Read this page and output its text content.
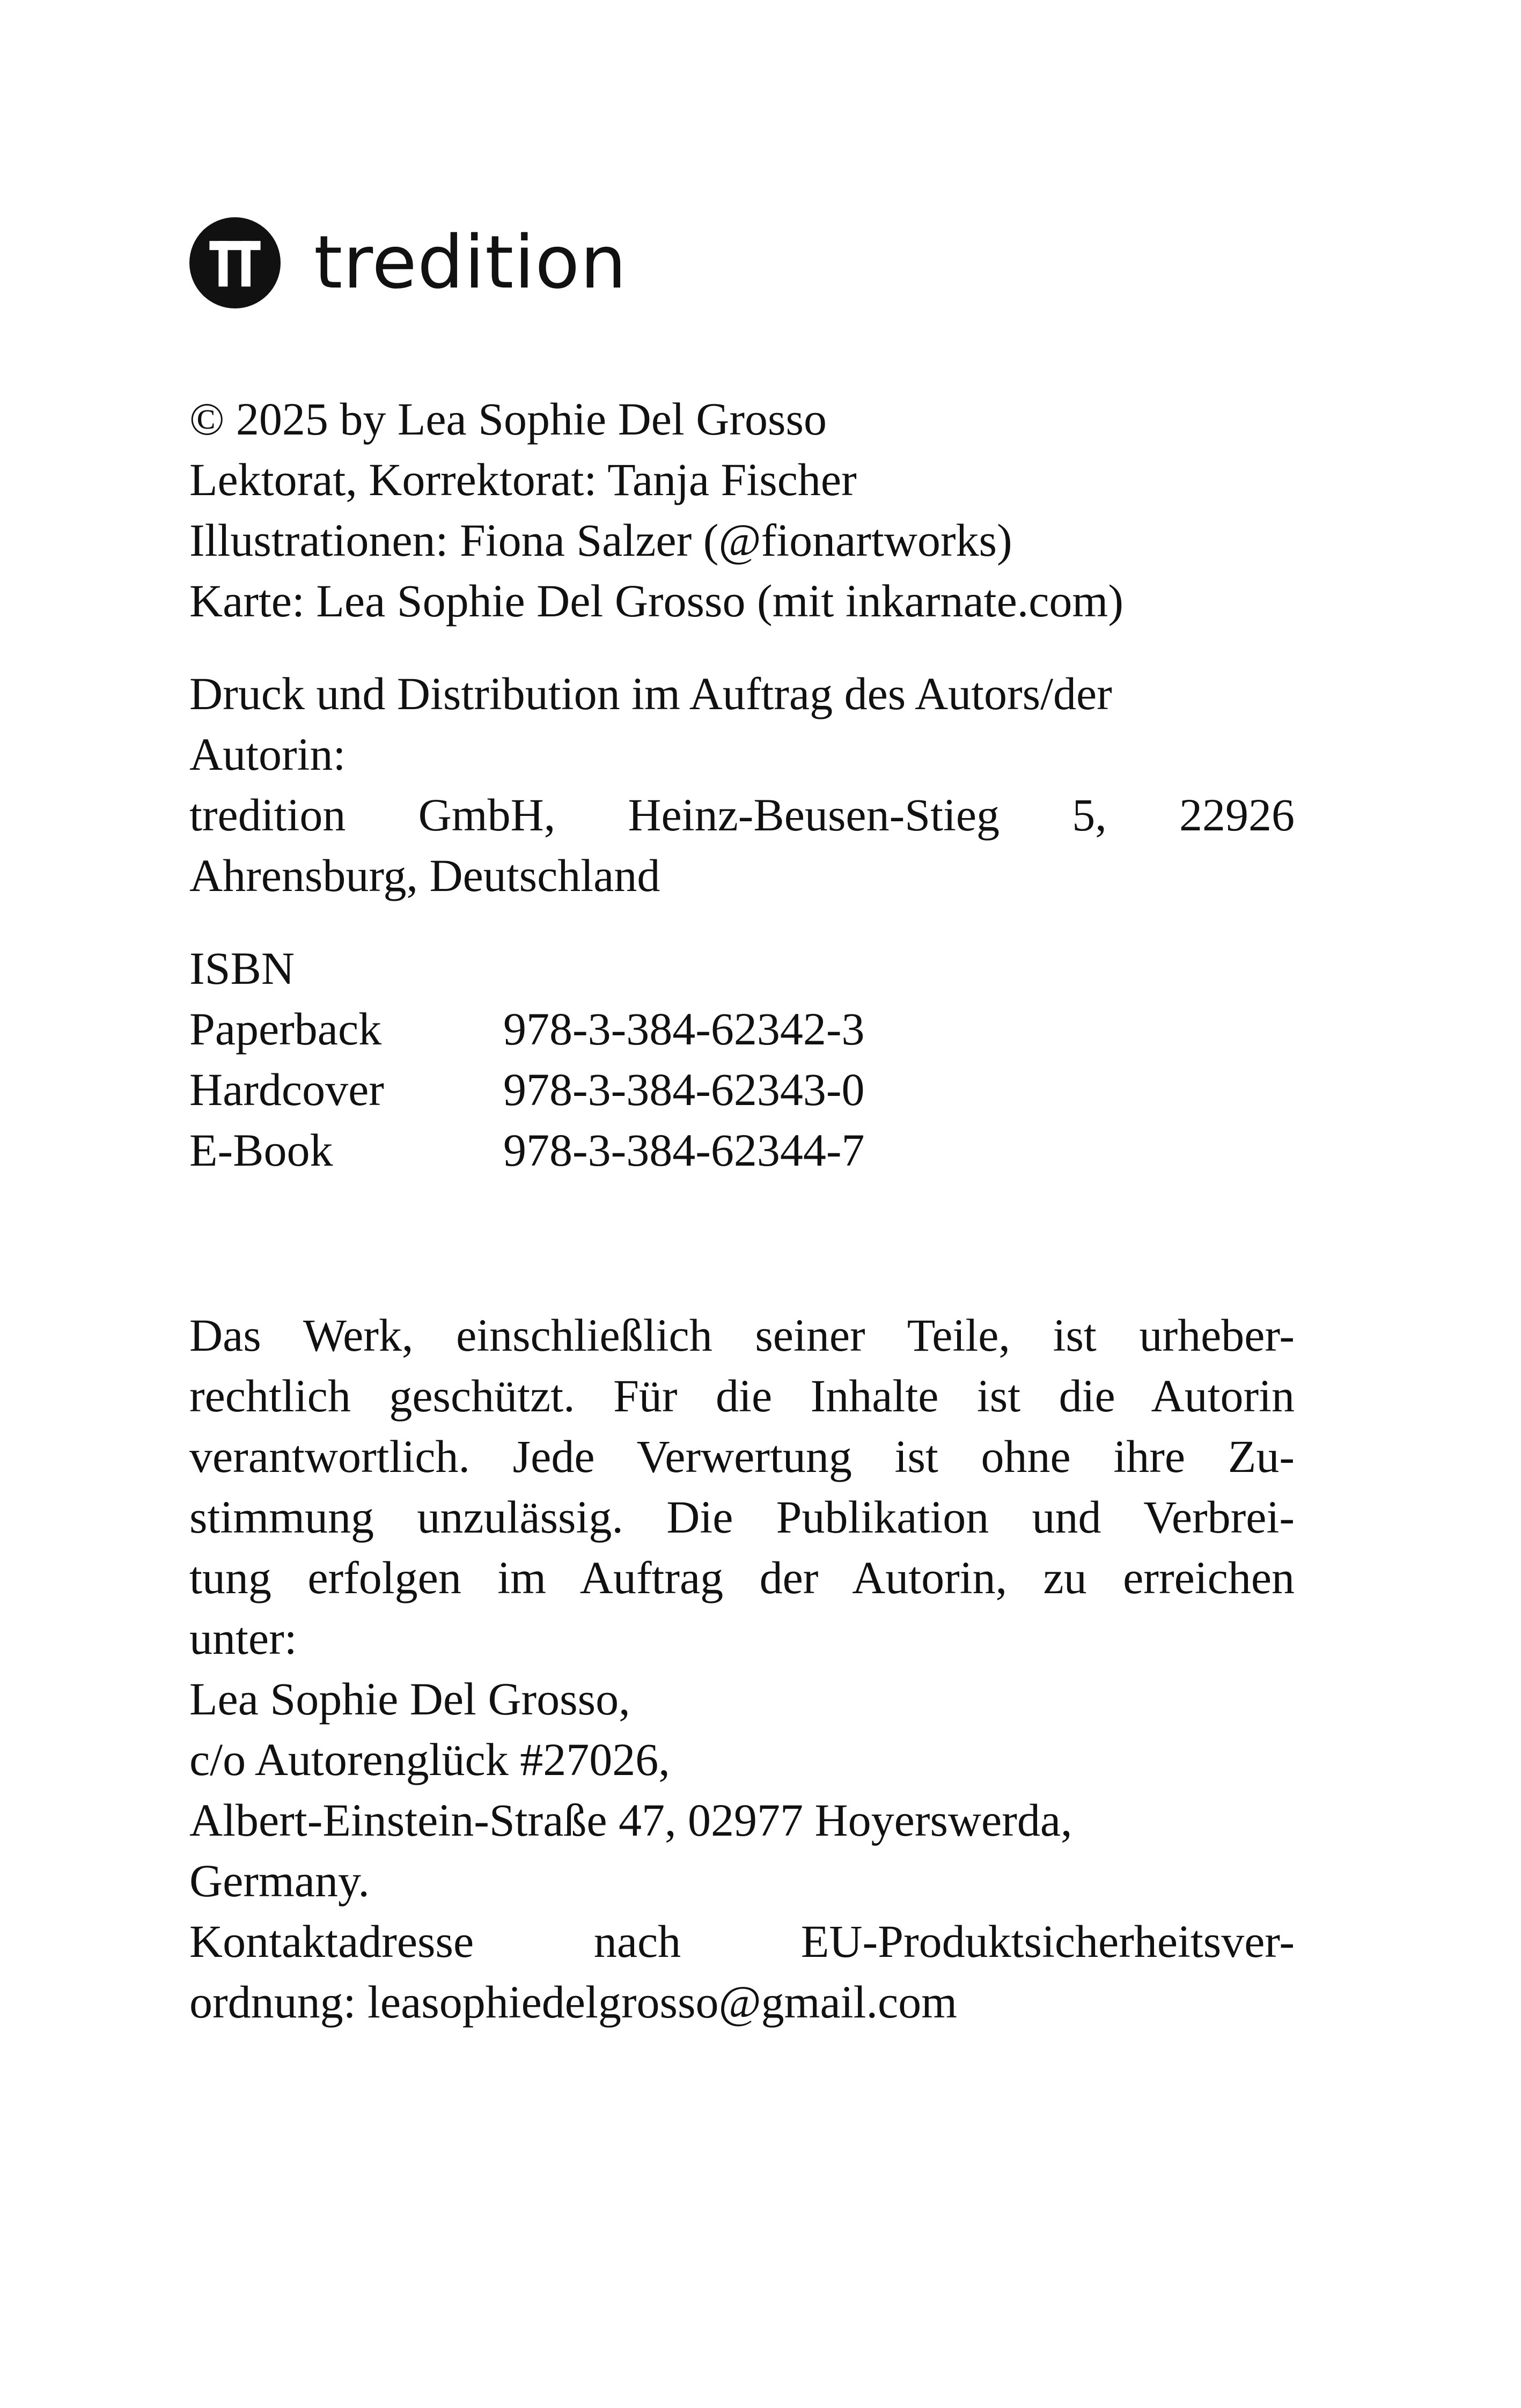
tredition
© 2025 by Lea Sophie Del Grosso
Lektorat, Korrektorat: Tanja Fischer
Illustrationen: Fiona Salzer (@fionartworks)
Karte: Lea Sophie Del Grosso (mit inkarnate.com)
Druck und Distribution im Auftrag des Autors/der
Autorin:
tredition GmbH, Heinz-Beusen-Stieg 5, 22926
Ahrensburg, Deutschland
ISBN
Paperback	978-3-384-62342-3
Hardcover	978-3-384-62343-0
E-Book	978-3-384-62344-7
Das Werk, einschließlich seiner Teile, ist urheber-
rechtlich geschützt. Für die Inhalte ist die Autorin
verantwortlich. Jede Verwertung ist ohne ihre Zu-
stimmung unzulässig. Die Publikation und Verbrei-
tung erfolgen im Auftrag der Autorin, zu erreichen
unter:
Lea Sophie Del Grosso,
c/o Autorenglück #27026,
Albert-Einstein-Straße 47, 02977 Hoyerswerda,
Germany.
Kontaktadresse nach EU-Produktsicherheitsver-
ordnung: leasophiedelgrosso@gmail.com
